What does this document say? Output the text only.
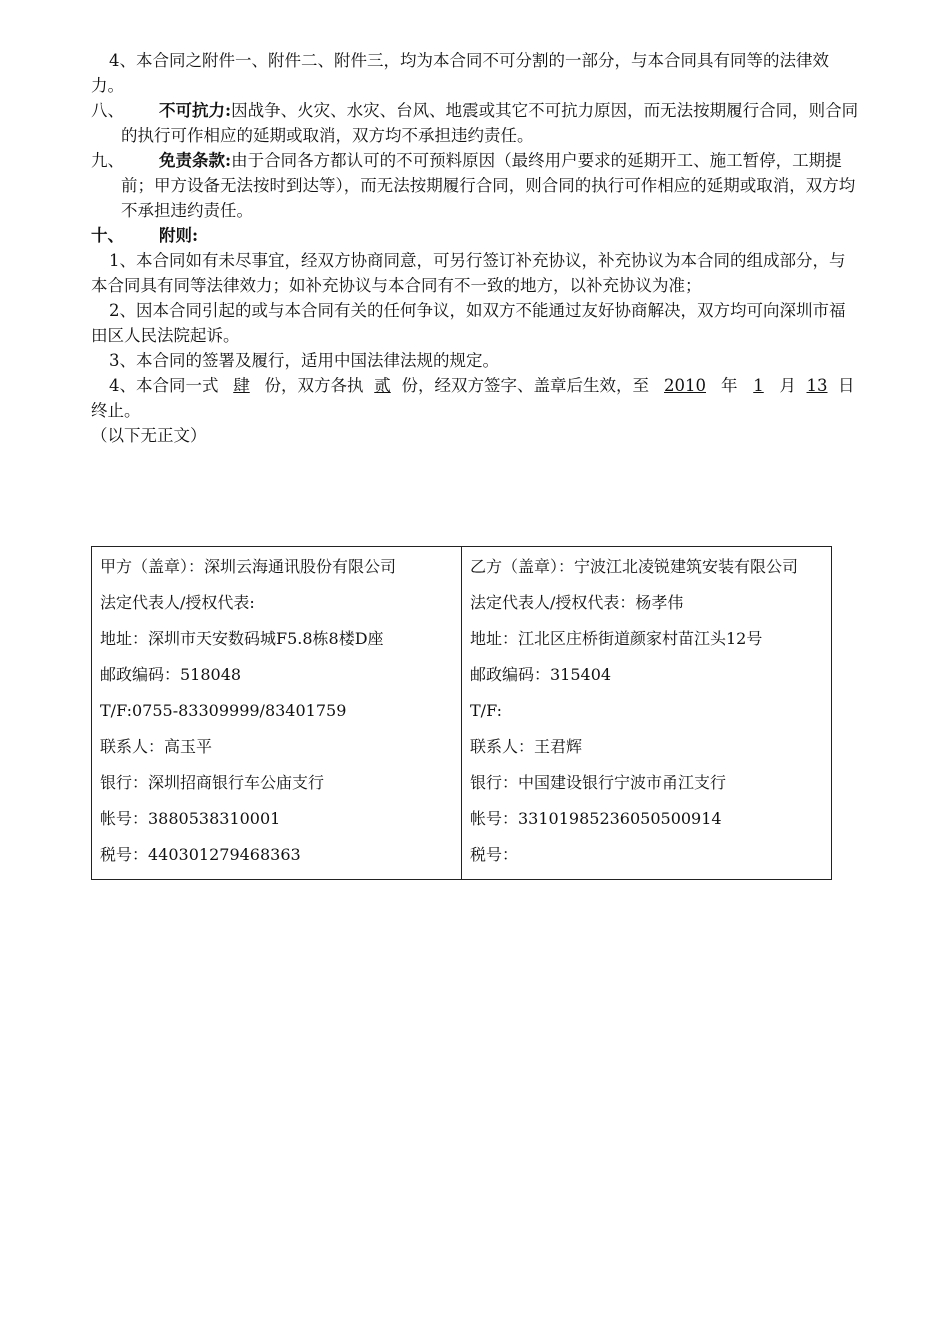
4、本合同之附件一、附件二、附件三，均为本合同不可分割的一部分，与本合同具有同等的法律效力。

八、 不可抗力:因战争、火灾、水灾、台风、地震或其它不可抗力原因，而无法按期履行合同，则合同的执行可作相应的延期或取消，双方均不承担违约责任。

九、 免责条款:由于合同各方都认可的不可预料原因（最终用户要求的延期开工、施工暂停，工期提前；甲方设备无法按时到达等），而无法按期履行合同，则合同的执行可作相应的延期或取消，双方均不承担违约责任。

十、 附则:

1、本合同如有未尽事宜，经双方协商同意，可另行签订补充协议，补充协议为本合同的组成部分，与本合同具有同等法律效力；如补充协议与本合同有不一致的地方，以补充协议为准；

2、因本合同引起的或与本合同有关的任何争议，如双方不能通过友好协商解决，双方均可向深圳市福田区人民法院起诉。

3、本合同的签署及履行，适用中国法律法规的规定。

4、本合同一式 肆 份，双方各执 贰 份，经双方签字、盖章后生效，至 2010 年 1 月 13 日终止。

（以下无正文）

甲方（盖章）：深圳云海通讯股份有限公司
法定代表人/授权代表:
地址：深圳市天安数码城F5.8栋8楼D座
邮政编码：518048
T/F:0755-83309999/83401759
联系人：高玉平
银行：深圳招商银行车公庙支行
帐号：3880538310001
税号：440301279468363

乙方（盖章）：宁波江北凌锐建筑安装有限公司
法定代表人/授权代表：杨孝伟
地址：江北区庄桥街道颜家村苗江头12号
邮政编码：315404
T/F:
联系人：王君辉
银行：中国建设银行宁波市甬江支行
帐号：33101985236050500914
税号：
